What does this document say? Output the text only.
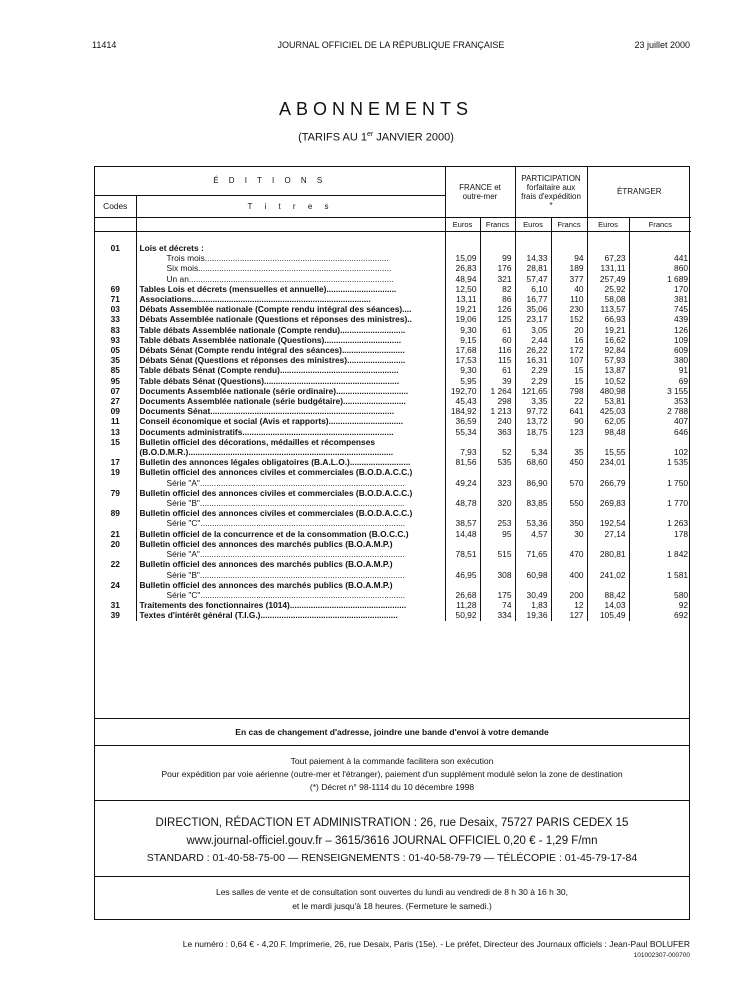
11414	JOURNAL OFFICIEL DE LA RÉPUBLIQUE FRANÇAISE	23 juillet 2000
ABONNEMENTS
(TARIFS AU 1er JANVIER 2000)
É D I T I O N S		FRANCE et outre-mer		PARTICIPATION forfaitaire aux frais d'expédition *		ÉTRANGER	
Codes	T i t r e s						
		Euros	Francs	Euros	Francs	Euros	Francs

01	Lois et décrets :						
	Trois mois...............................................................................	15,09	99	14,33	94	67,23	441
	Six mois...................................................................................	26,83	176	28,81	189	131,11	860
	Un an........................................................................................	48,94	321	57,47	377	257,49	1 689
69	Tables Lois et décrets (mensuelles et annuelle)..............................	12,50	82	6,10	40	25,92	170
71	Associations.............................................................................	13,11	86	16,77	110	58,08	381
03	Débats Assemblée nationale (Compte rendu intégral des séances)....	19,21	126	35,06	230	113,57	745
33	Débats Assemblée nationale (Questions et réponses des ministres)..	19,06	125	23,17	152	66,93	439
83	Table débats Assemblée nationale (Compte rendu)............................	9,30	61	3,05	20	19,21	126
93	Table débats Assemblée nationale (Questions).................................	9,15	60	2,44	16	16,62	109
05	Débats Sénat (Compte rendu intégral des séances)...........................	17,68	116	26,22	172	92,84	609
35	Débats Sénat (Questions et réponses des ministres).........................	17,53	115	16,31	107	57,93	380
85	Table débats Sénat (Compte rendu)...................................................	9,30	61	2,29	15	13,87	91
95	Table débats Sénat (Questions)..........................................................	5,95	39	2,29	15	10,52	69
07	Documents Assemblée nationale (série ordinaire)...............................	192,70	1 264	121,65	798	480,98	3 155
27	Documents Assemblée nationale (série budgétaire)...........................	45,43	298	3,35	22	53,81	353
09	Documents Sénat...............................................................................	184,92	1 213	97,72	641	425,03	2 788
11	Conseil économique et social (Avis et rapports)................................	36,59	240	13,72	90	62,05	407
13	Documents administratifs.................................................................	55,34	363	18,75	123	98,48	646
15	Bulletin officiel des décorations, médailles et récompenses						
	(B.O.D.M.R.)........................................................................................	7,93	52	5,34	35	15,55	102
17	Bulletin des annonces légales obligatoires (B.A.L.O.)..........................	81,56	535	68,60	450	234,01	1 535
19	Bulletin officiel des annonces civiles et commerciales (B.O.D.A.C.C.)						
	Série "A"........................................................................................	49,24	323	86,90	570	266,79	1 750
79	Bulletin officiel des annonces civiles et commerciales (B.O.D.A.C.C.)						
	Série "B"........................................................................................	48,78	320	83,85	550	269,83	1 770
89	Bulletin officiel des annonces civiles et commerciales (B.O.D.A.C.C.)						
	Série "C"........................................................................................	38,57	253	53,36	350	192,54	1 263
21	Bulletin officiel de la concurrence et de la consommation (B.O.C.C.)	14,48	95	4,57	30	27,14	178
20	Bulletin officiel des annonces des marchés publics (B.O.A.M.P.)						
	Série "A"........................................................................................	78,51	515	71,65	470	280,81	1 842
22	Bulletin officiel des annonces des marchés publics (B.O.A.M.P.)						
	Série "B"........................................................................................	46,95	308	60,98	400	241,02	1 581
24	Bulletin officiel des annonces des marchés publics (B.O.A.M.P.)						
	Série "C"........................................................................................	26,68	175	30,49	200	88,42	580
31	Traitements des fonctionnaires (1014)..................................................	11,28	74	1,83	12	14,03	92
39	Textes d'intérêt général (T.I.G.)...........................................................	50,92	334	19,36	127	105,49	692

En cas de changement d'adresse, joindre une bande d'envoi à votre demande
Tout paiement à la commande facilitera son exécution
Pour expédition par voie aérienne (outre-mer et l'étranger), paiement d'un supplément modulé selon la zone de destination
(*) Décret n° 98-1114 du 10 décembre 1998
DIRECTION, RÉDACTION ET ADMINISTRATION : 26, rue Desaix, 75727 PARIS CEDEX 15
www.journal-officiel.gouv.fr – 3615/3616 JOURNAL OFFICIEL 0,20 € - 1,29 F/mn
STANDARD : 01-40-58-75-00 — RENSEIGNEMENTS : 01-40-58-79-79 — TÉLÉCOPIE : 01-45-79-17-84
Les salles de vente et de consultation sont ouvertes du lundi au vendredi de 8 h 30 à 16 h 30,
et le mardi jusqu'à 18 heures. (Fermeture le samedi.)
Le numéro : 0,64 € - 4,20 F. Imprimerie, 26, rue Desaix, Paris (15e). - Le préfet, Directeur des Journaux officiels : Jean-Paul BOLUFER
101002307-000700
